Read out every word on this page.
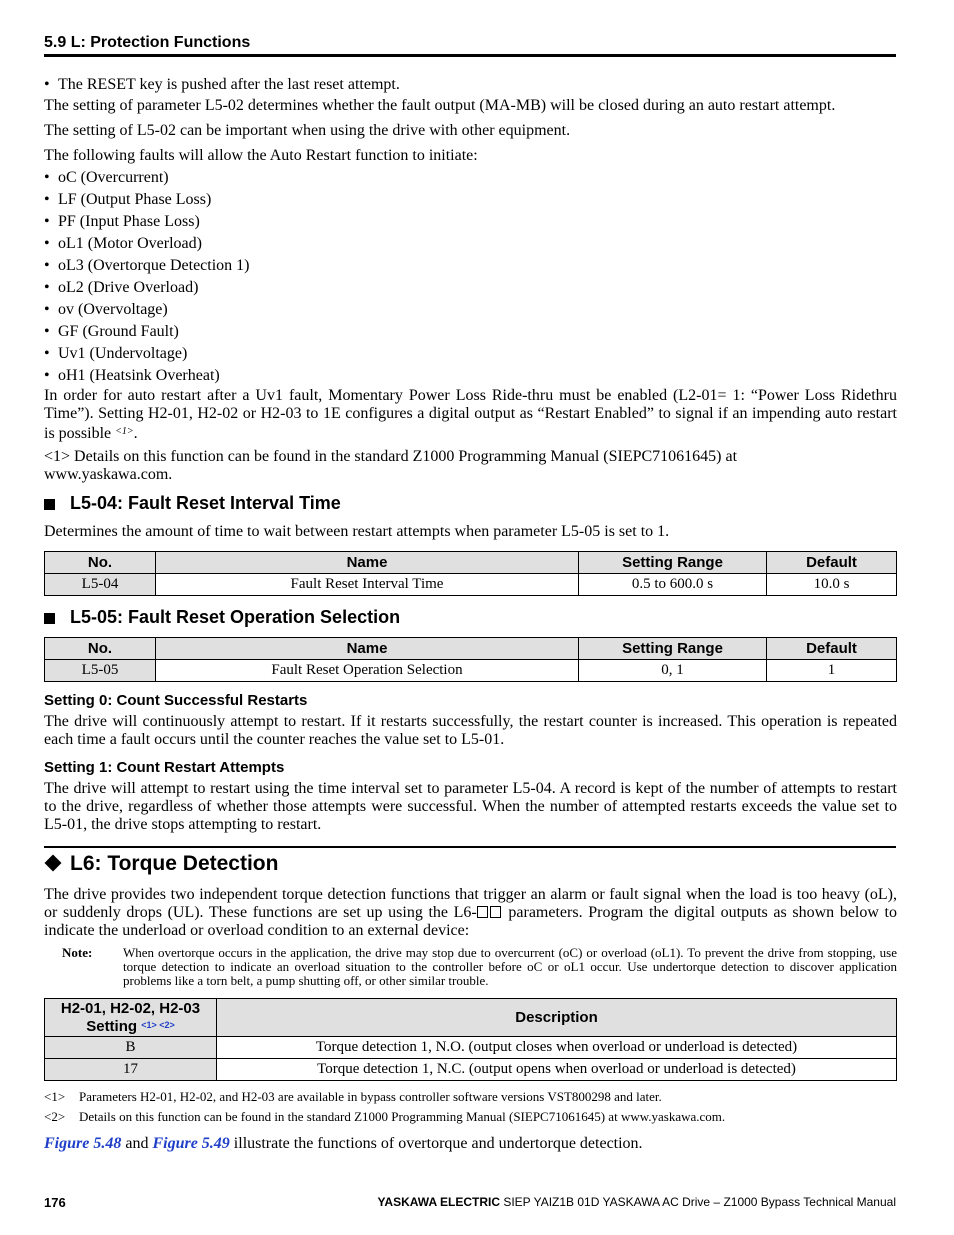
5.9 L: Protection Functions
• The RESET key is pushed after the last reset attempt.
The setting of parameter L5-02 determines whether the fault output (MA-MB) will be closed during an auto restart attempt.
The setting of L5-02 can be important when using the drive with other equipment.
The following faults will allow the Auto Restart function to initiate:
• oC (Overcurrent)
• LF (Output Phase Loss)
• PF (Input Phase Loss)
• oL1 (Motor Overload)
• oL3 (Overtorque Detection 1)
• oL2 (Drive Overload)
• ov (Overvoltage)
• GF (Ground Fault)
• Uv1 (Undervoltage)
• oH1 (Heatsink Overheat)
In order for auto restart after a Uv1 fault, Momentary Power Loss Ride-thru must be enabled (L2-01= 1: “Power Loss Ridethru Time”). Setting H2-01, H2-02 or H2-03 to 1E configures a digital output as “Restart Enabled” to signal if an impending auto restart is possible $^{<1>}$.
<1> Details on this function can be found in the standard Z1000 Programming Manual (SIEPC71061645) at www.yaskawa.com.
L5-04: Fault Reset Interval Time
Determines the amount of time to wait between restart attempts when parameter L5-05 is set to 1.
No.	Name	Setting Range	Default
L5-04	Fault Reset Interval Time	0.5 to 600.0 s	10.0 s
L5-05: Fault Reset Operation Selection
No.	Name	Setting Range	Default
L5-05	Fault Reset Operation Selection	0, 1	1
Setting 0: Count Successful Restarts
The drive will continuously attempt to restart. If it restarts successfully, the restart counter is increased. This operation is repeated each time a fault occurs until the counter reaches the value set to L5-01.
Setting 1: Count Restart Attempts
The drive will attempt to restart using the time interval set to parameter L5-04. A record is kept of the number of attempts to restart to the drive, regardless of whether those attempts were successful. When the number of attempted restarts exceeds the value set to L5-01, the drive stops attempting to restart.
L6: Torque Detection
The drive provides two independent torque detection functions that trigger an alarm or fault signal when the load is too heavy (oL), or suddenly drops (UL). These functions are set up using the L6- parameters. Program the digital outputs as shown below to indicate the underload or overload condition to an external device:
Note: When overtorque occurs in the application, the drive may stop due to overcurrent (oC) or overload (oL1). To prevent the drive from stopping, use torque detection to indicate an overload situation to the controller before oC or oL1 occur. Use undertorque detection to discover application problems like a torn belt, a pump shutting off, or other similar trouble.
H2-01, H2-02, H2-03
Setting $^{<1> <2>}$	Description
B	Torque detection 1, N.O. (output closes when overload or underload is detected)
17	Torque detection 1, N.C. (output opens when overload or underload is detected)
<1> Parameters H2-01, H2-02, and H2-03 are available in bypass controller software versions VST800298 and later.
<2> Details on this function can be found in the standard Z1000 Programming Manual (SIEPC71061645) at www.yaskawa.com.
Figure 5.48 and Figure 5.49 illustrate the functions of overtorque and undertorque detection.
176	YASKAWA ELECTRIC SIEP YAIZ1B 01D YASKAWA AC Drive – Z1000 Bypass Technical Manual
